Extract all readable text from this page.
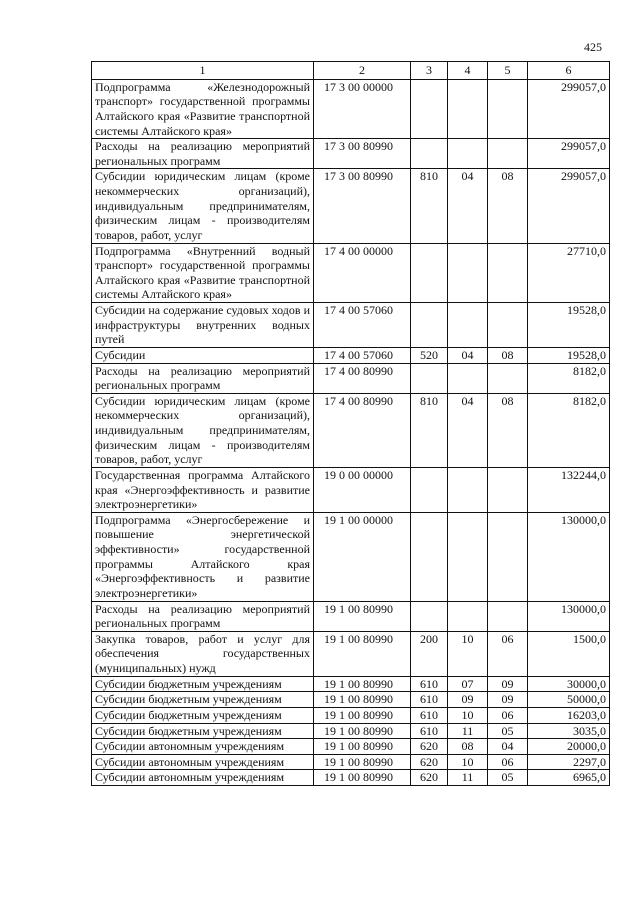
425
1	2	3	4	5	6
Подпрограмма «Железнодорожный транспорт» государственной программы Алтайского края «Развитие транспортной системы Алтайского края»	17 3 00 00000				299057,0
Расходы на реализацию мероприятий региональных программ	17 3 00 80990				299057,0
Субсидии юридическим лицам (кроме некоммерческих организаций), индивидуальным предпринимателям, физическим лицам - производителям товаров, работ, услуг	17 3 00 80990	810	04	08	299057,0
Подпрограмма «Внутренний водный транспорт» государственной программы Алтайского края «Развитие транспортной системы Алтайского края»	17 4 00 00000				27710,0
Субсидии на содержание судовых ходов и инфраструктуры внутренних водных путей	17 4 00 57060				19528,0
Субсидии	17 4 00 57060	520	04	08	19528,0
Расходы на реализацию мероприятий региональных программ	17 4 00 80990				8182,0
Субсидии юридическим лицам (кроме некоммерческих организаций), индивидуальным предпринимателям, физическим лицам - производителям товаров, работ, услуг	17 4 00 80990	810	04	08	8182,0
Государственная программа Алтайского края «Энергоэффективность и развитие электроэнергетики»	19 0 00 00000				132244,0
Подпрограмма «Энергосбережение и повышение энергетической эффективности» государственной программы Алтайского края «Энергоэффективность и развитие электроэнергетики»	19 1 00 00000				130000,0
Расходы на реализацию мероприятий региональных программ	19 1 00 80990				130000,0
Закупка товаров, работ и услуг для обеспечения государственных (муниципальных) нужд	19 1 00 80990	200	10	06	1500,0
Субсидии бюджетным учреждениям	19 1 00 80990	610	07	09	30000,0
Субсидии бюджетным учреждениям	19 1 00 80990	610	09	09	50000,0
Субсидии бюджетным учреждениям	19 1 00 80990	610	10	06	16203,0
Субсидии бюджетным учреждениям	19 1 00 80990	610	11	05	3035,0
Субсидии автономным учреждениям	19 1 00 80990	620	08	04	20000,0
Субсидии автономным учреждениям	19 1 00 80990	620	10	06	2297,0
Субсидии автономным учреждениям	19 1 00 80990	620	11	05	6965,0
